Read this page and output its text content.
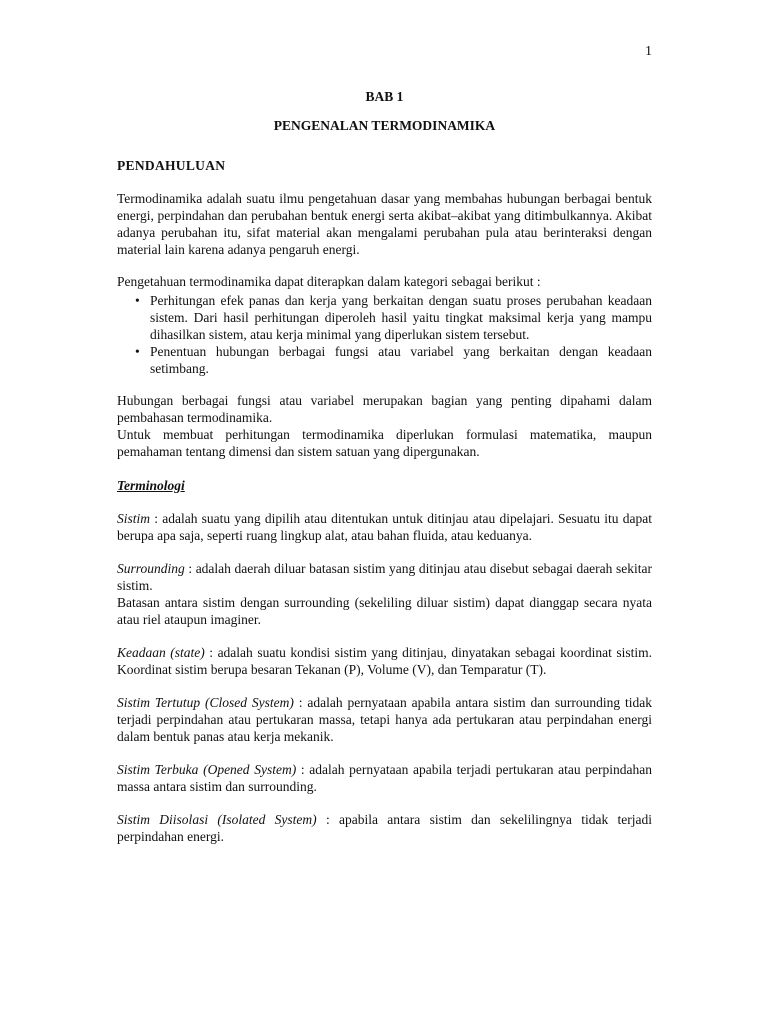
1
BAB 1
PENGENALAN TERMODINAMIKA
PENDAHULUAN

Termodinamika adalah suatu ilmu pengetahuan dasar yang membahas hubungan berbagai bentuk energi, perpindahan dan perubahan bentuk energi serta akibat–akibat yang ditimbulkannya. Akibat adanya perubahan itu, sifat material akan mengalami perubahan pula atau berinteraksi dengan material lain karena adanya pengaruh energi.

Pengetahuan termodinamika dapat diterapkan dalam kategori sebagai berikut :

• Perhitungan efek panas dan kerja yang berkaitan dengan suatu proses perubahan keadaan sistem. Dari hasil perhitungan diperoleh hasil yaitu tingkat maksimal kerja yang mampu dihasilkan sistem, atau kerja minimal yang diperlukan sistem tersebut.
• Penentuan hubungan berbagai fungsi atau variabel yang berkaitan dengan keadaan setimbang.

Hubungan berbagai fungsi atau variabel merupakan bagian yang penting dipahami dalam pembahasan termodinamika.

Untuk membuat perhitungan termodinamika diperlukan formulasi matematika, maupun pemahaman tentang dimensi dan sistem satuan yang dipergunakan.

Terminologi

Sistim : adalah suatu yang dipilih atau ditentukan untuk ditinjau atau dipelajari. Sesuatu itu dapat berupa apa saja, seperti ruang lingkup alat, atau bahan fluida, atau keduanya.

Surrounding : adalah daerah diluar batasan sistim yang ditinjau atau disebut sebagai daerah sekitar sistim.

Batasan antara sistim dengan surrounding (sekeliling diluar sistim) dapat dianggap secara nyata atau riel ataupun imaginer.

Keadaan (state) : adalah suatu kondisi sistim yang ditinjau, dinyatakan sebagai koordinat sistim. Koordinat sistim berupa besaran Tekanan (P), Volume (V), dan Temparatur (T).

Sistim Tertutup (Closed System) : adalah pernyataan apabila antara sistim dan surrounding tidak terjadi perpindahan atau pertukaran massa, tetapi hanya ada pertukaran atau perpindahan energi dalam bentuk panas atau kerja mekanik.

Sistim Terbuka (Opened System) : adalah pernyataan apabila terjadi pertukaran atau perpindahan massa antara sistim dan surrounding.

Sistim Diisolasi (Isolated System) : apabila antara sistim dan sekelilingnya tidak terjadi perpindahan energi.
